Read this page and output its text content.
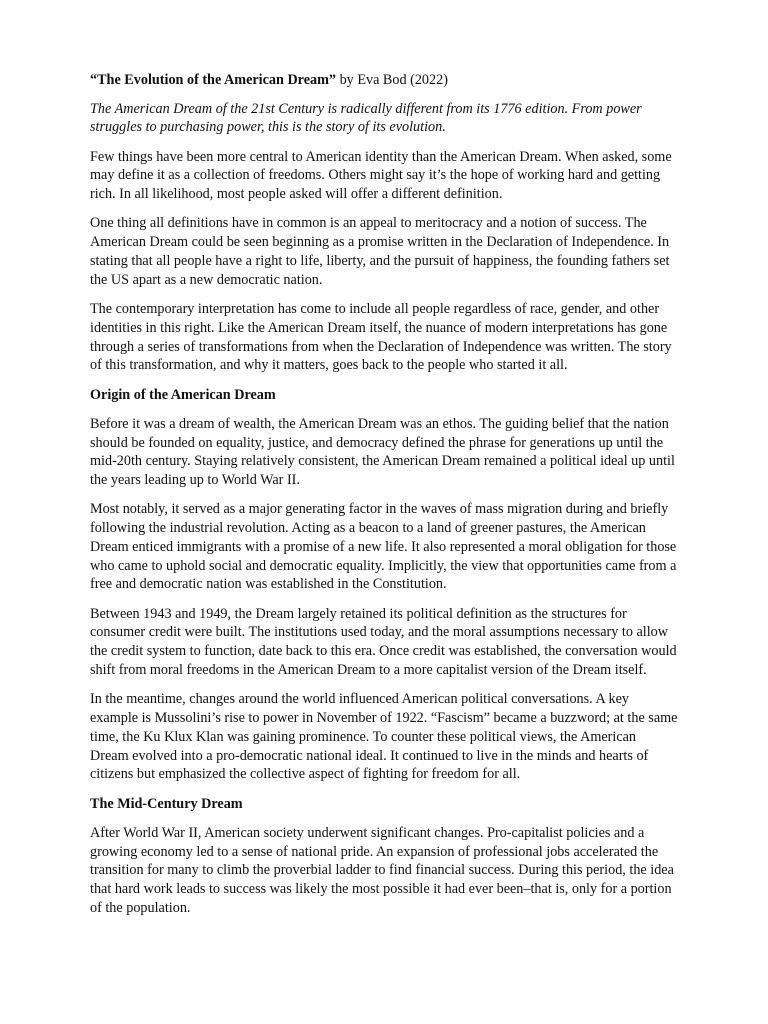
“The Evolution of the American Dream” by Eva Bod (2022)

The American Dream of the 21st Century is radically different from its 1776 edition. From power struggles to purchasing power, this is the story of its evolution.

Few things have been more central to American identity than the American Dream. When asked, some may define it as a collection of freedoms. Others might say it’s the hope of working hard and getting rich. In all likelihood, most people asked will offer a different definition.

One thing all definitions have in common is an appeal to meritocracy and a notion of success. The American Dream could be seen beginning as a promise written in the Declaration of Independence. In stating that all people have a right to life, liberty, and the pursuit of happiness, the founding fathers set the US apart as a new democratic nation.

The contemporary interpretation has come to include all people regardless of race, gender, and other identities in this right. Like the American Dream itself, the nuance of modern interpretations has gone through a series of transformations from when the Declaration of Independence was written. The story of this transformation, and why it matters, goes back to the people who started it all.

Origin of the American Dream

Before it was a dream of wealth, the American Dream was an ethos. The guiding belief that the nation should be founded on equality, justice, and democracy defined the phrase for generations up until the mid-20th century. Staying relatively consistent, the American Dream remained a political ideal up until the years leading up to World War II.

Most notably, it served as a major generating factor in the waves of mass migration during and briefly following the industrial revolution. Acting as a beacon to a land of greener pastures, the American Dream enticed immigrants with a promise of a new life. It also represented a moral obligation for those who came to uphold social and democratic equality. Implicitly, the view that opportunities came from a free and democratic nation was established in the Constitution.

Between 1943 and 1949, the Dream largely retained its political definition as the structures for consumer credit were built. The institutions used today, and the moral assumptions necessary to allow the credit system to function, date back to this era. Once credit was established, the conversation would shift from moral freedoms in the American Dream to a more capitalist version of the Dream itself.

In the meantime, changes around the world influenced American political conversations. A key example is Mussolini’s rise to power in November of 1922. “Fascism” became a buzzword; at the same time, the Ku Klux Klan was gaining prominence. To counter these political views, the American Dream evolved into a pro-democratic national ideal. It continued to live in the minds and hearts of citizens but emphasized the collective aspect of fighting for freedom for all.

The Mid-Century Dream

After World War II, American society underwent significant changes. Pro-capitalist policies and a growing economy led to a sense of national pride. An expansion of professional jobs accelerated the transition for many to climb the proverbial ladder to find financial success. During this period, the idea that hard work leads to success was likely the most possible it had ever been–that is, only for a portion of the population.
